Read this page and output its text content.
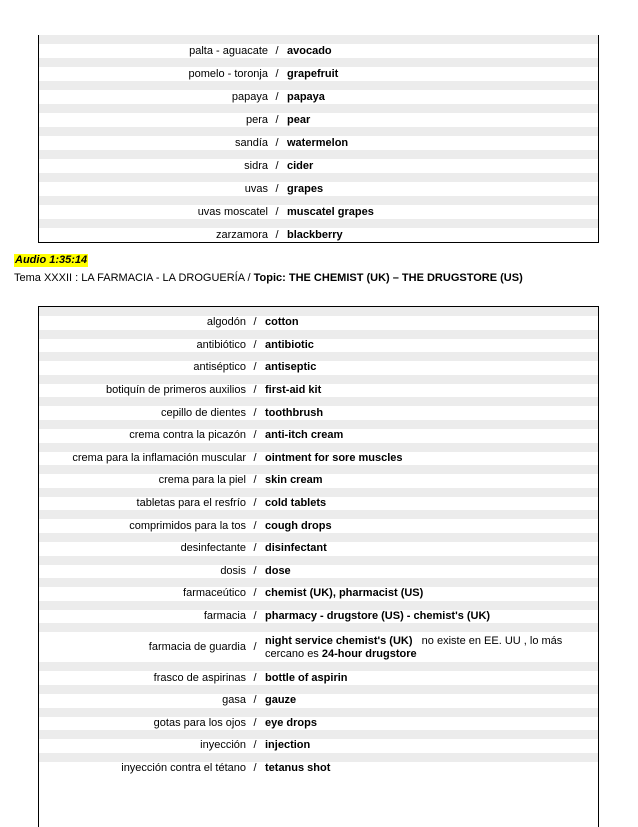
palta - aguacate / avocado
pomelo - toronja / grapefruit
papaya / papaya
pera / pear
sandía / watermelon
sidra / cider
uvas / grapes
uvas moscatel / muscatel grapes
zarzamora / blackberry
Audio 1:35:14
Tema XXXII : LA FARMACIA - LA DROGUERÍA / Topic: THE CHEMIST (UK) – THE DRUGSTORE (US)
algodón / cotton
antibiótico / antibiotic
antiséptico / antiseptic
botiquín de primeros auxilios / first-aid kit
cepillo de dientes / toothbrush
crema contra la picazón / anti-itch cream
crema para la inflamación muscular / ointment for sore muscles
crema para la piel / skin cream
tabletas para el resfrío / cold tablets
comprimidos para la tos / cough drops
desinfectante / disinfectant
dosis / dose
farmaceútico / chemist (UK), pharmacist (US)
farmacia / pharmacy - drugstore (US) - chemist's (UK)
farmacia de guardia / night service chemist's (UK) no existe en EE. UU , lo más cercano es 24-hour drugstore
frasco de aspirinas / bottle of aspirin
gasa / gauze
gotas para los ojos / eye drops
inyección / injection
inyección contra el tétano / tetanus shot
